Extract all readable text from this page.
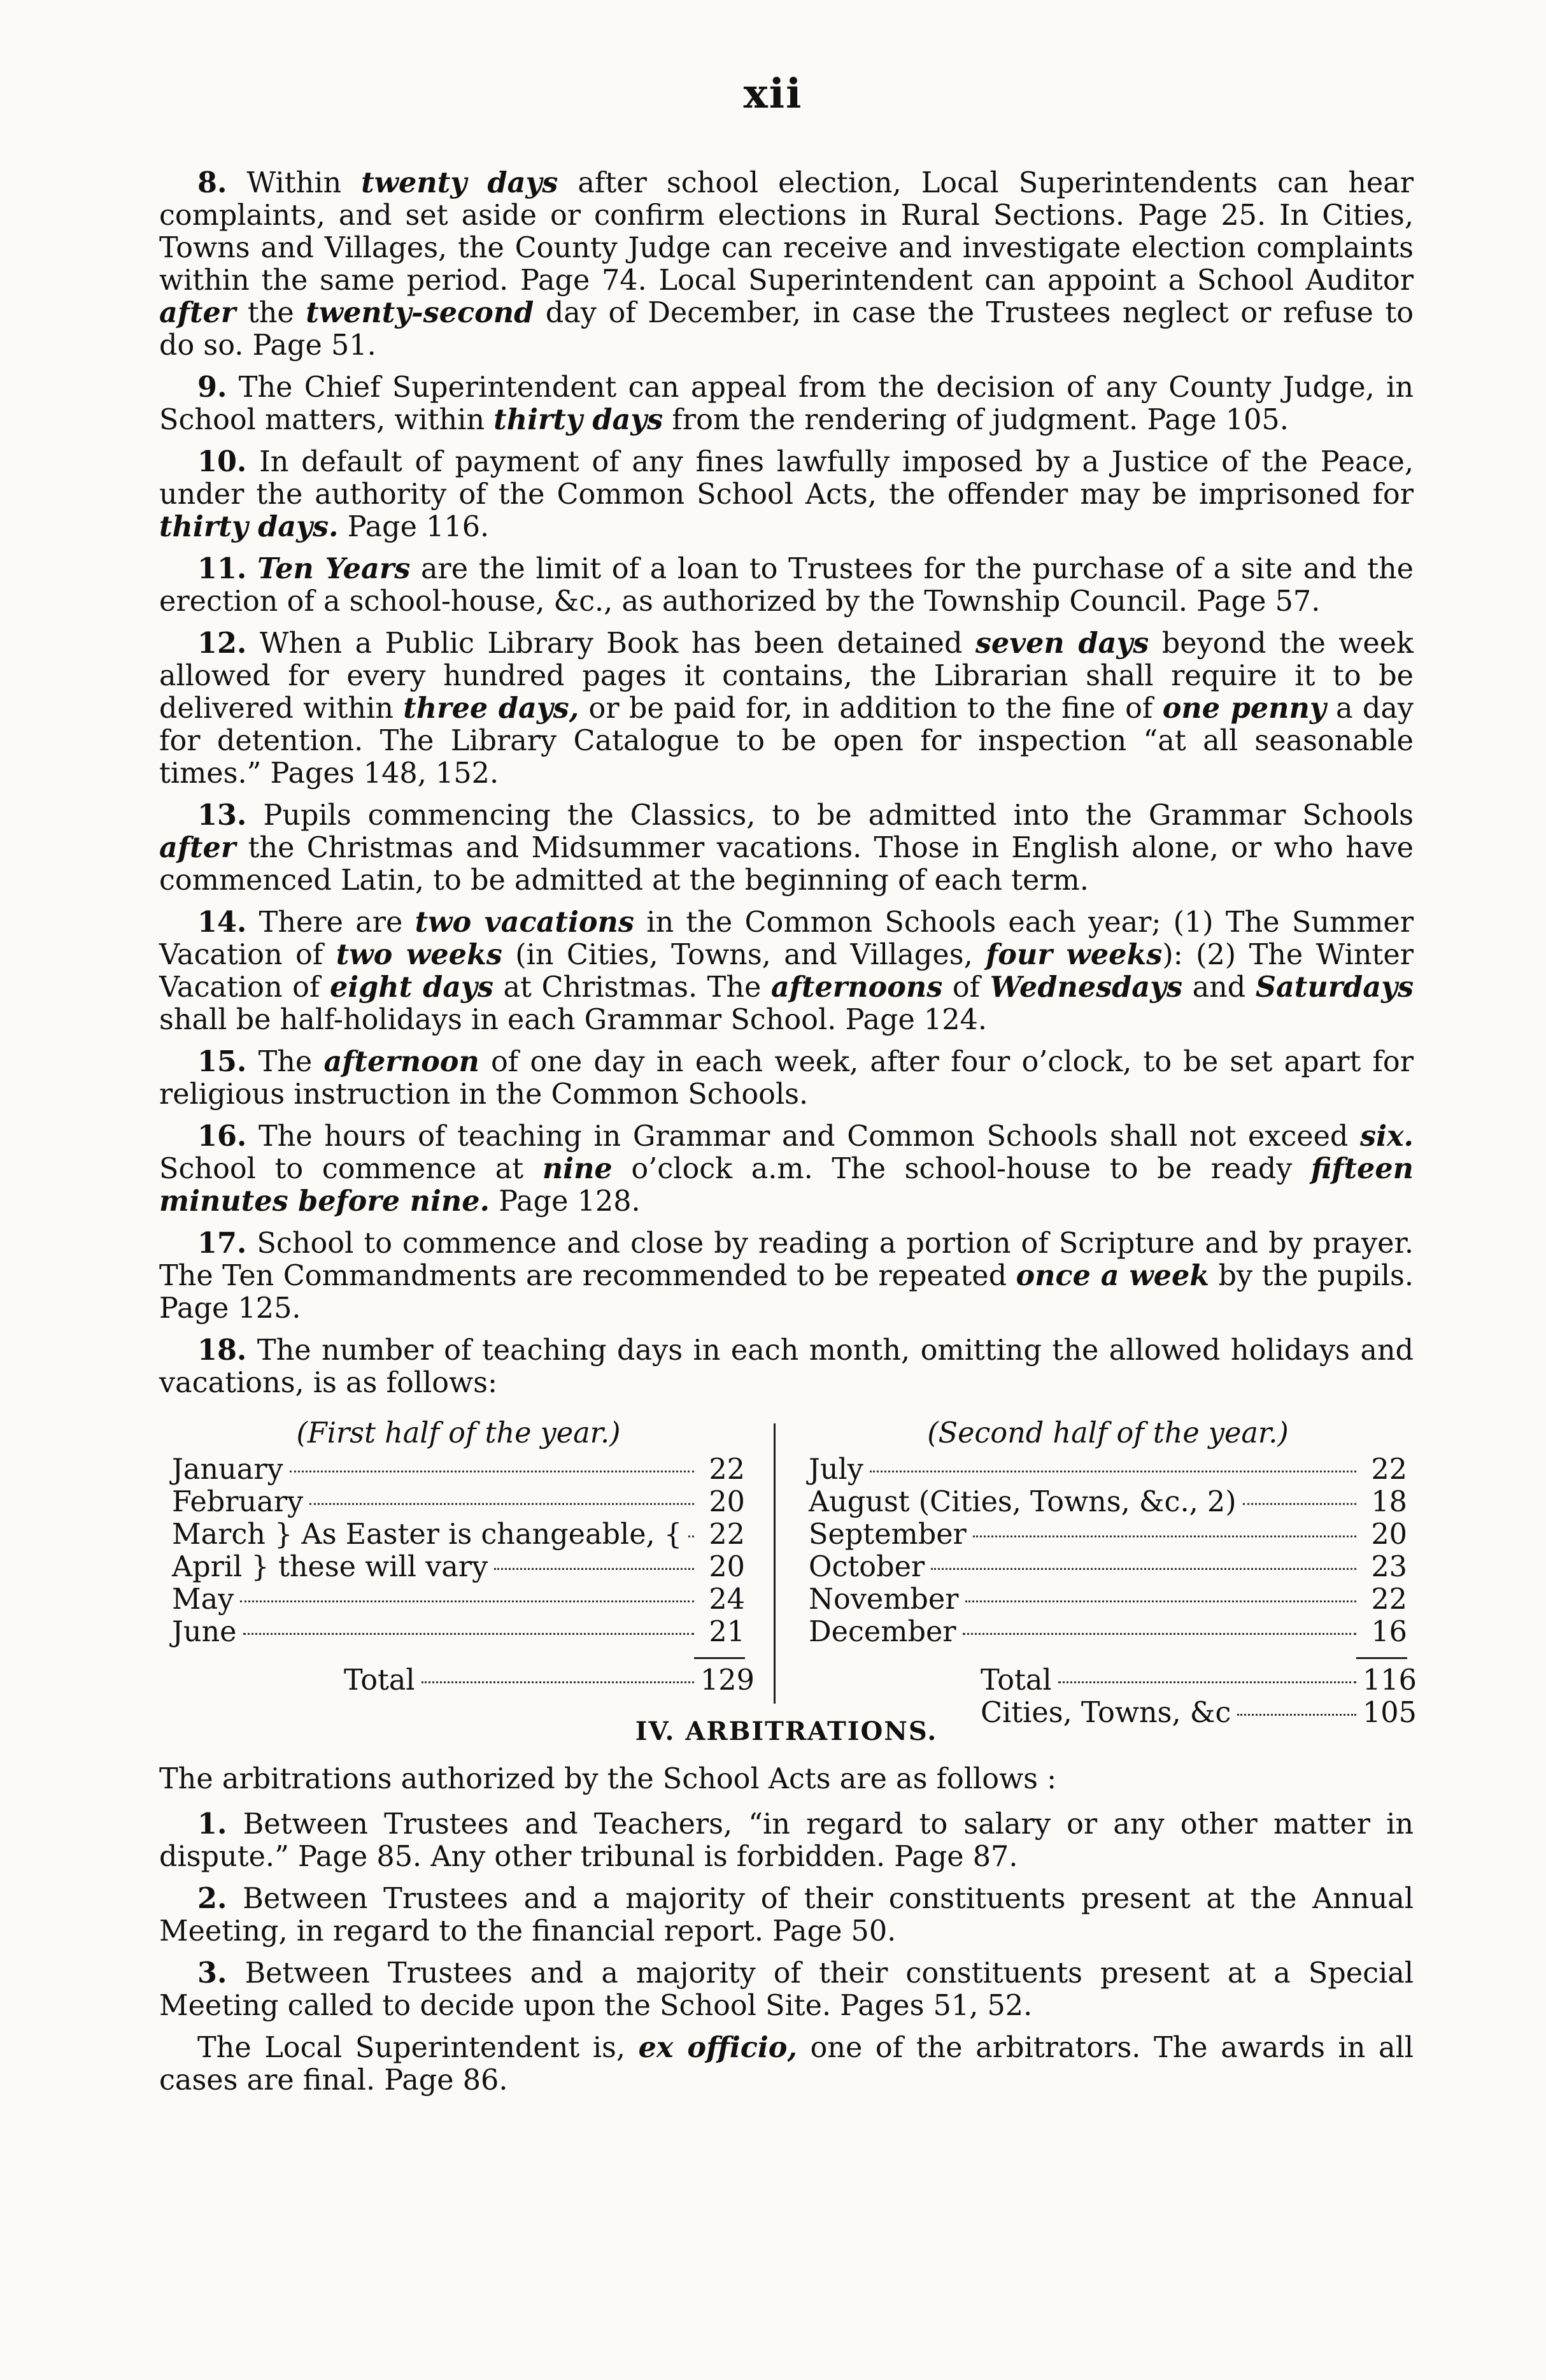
xii

8. Within twenty days after school election, Local Superintendents can hear complaints, and set aside or confirm elections in Rural Sections. Page 25. In Cities, Towns and Villages, the County Judge can receive and investigate election complaints within the same period. Page 74. Local Superintendent can appoint a School Auditor after the twenty-second day of December, in case the Trustees neglect or refuse to do so. Page 51.

9. The Chief Superintendent can appeal from the decision of any County Judge, in School matters, within thirty days from the rendering of judgment. Page 105.

10. In default of payment of any fines lawfully imposed by a Justice of the Peace, under the authority of the Common School Acts, the offender may be imprisoned for thirty days. Page 116.

11. Ten Years are the limit of a loan to Trustees for the purchase of a site and the erection of a school-house, &c., as authorized by the Township Council. Page 57.

12. When a Public Library Book has been detained seven days beyond the week allowed for every hundred pages it contains, the Librarian shall require it to be delivered within three days, or be paid for, in addition to the fine of one penny a day for detention. The Library Catalogue to be open for inspection “at all seasonable times.” Pages 148, 152.

13. Pupils commencing the Classics, to be admitted into the Grammar Schools after the Christmas and Midsummer vacations. Those in English alone, or who have commenced Latin, to be admitted at the beginning of each term.

14. There are two vacations in the Common Schools each year; (1) The Summer Vacation of two weeks (in Cities, Towns, and Villages, four weeks): (2) The Winter Vacation of eight days at Christmas. The afternoons of Wednesdays and Saturdays shall be half-holidays in each Grammar School. Page 124.

15. The afternoon of one day in each week, after four o’clock, to be set apart for religious instruction in the Common Schools.

16. The hours of teaching in Grammar and Common Schools shall not exceed six. School to commence at nine o’clock a.m. The school-house to be ready fifteen minutes before nine. Page 128.

17. School to commence and close by reading a portion of Scripture and by prayer. The Ten Commandments are recommended to be repeated once a week by the pupils. Page 125.

18. The number of teaching days in each month, omitting the allowed holidays and vacations, is as follows:

(First half of the year.)
January	22
February	20
March } As Easter is changeable, { 22
April } these will vary	20
May	24
June	21
Total	129
(Second half of the year.)
July	22
August (Cities, Towns, &c., 2)	18
September	20
October	23
November	22
December	16
Total	116
Cities, Towns, &c	105
IV. ARBITRATIONS.

The arbitrations authorized by the School Acts are as follows :

1. Between Trustees and Teachers, “in regard to salary or any other matter in dispute.” Page 85. Any other tribunal is forbidden. Page 87.

2. Between Trustees and a majority of their constituents present at the Annual Meeting, in regard to the financial report. Page 50.

3. Between Trustees and a majority of their constituents present at a Special Meeting called to decide upon the School Site. Pages 51, 52.

The Local Superintendent is, ex officio, one of the arbitrators. The awards in all cases are final. Page 86.
